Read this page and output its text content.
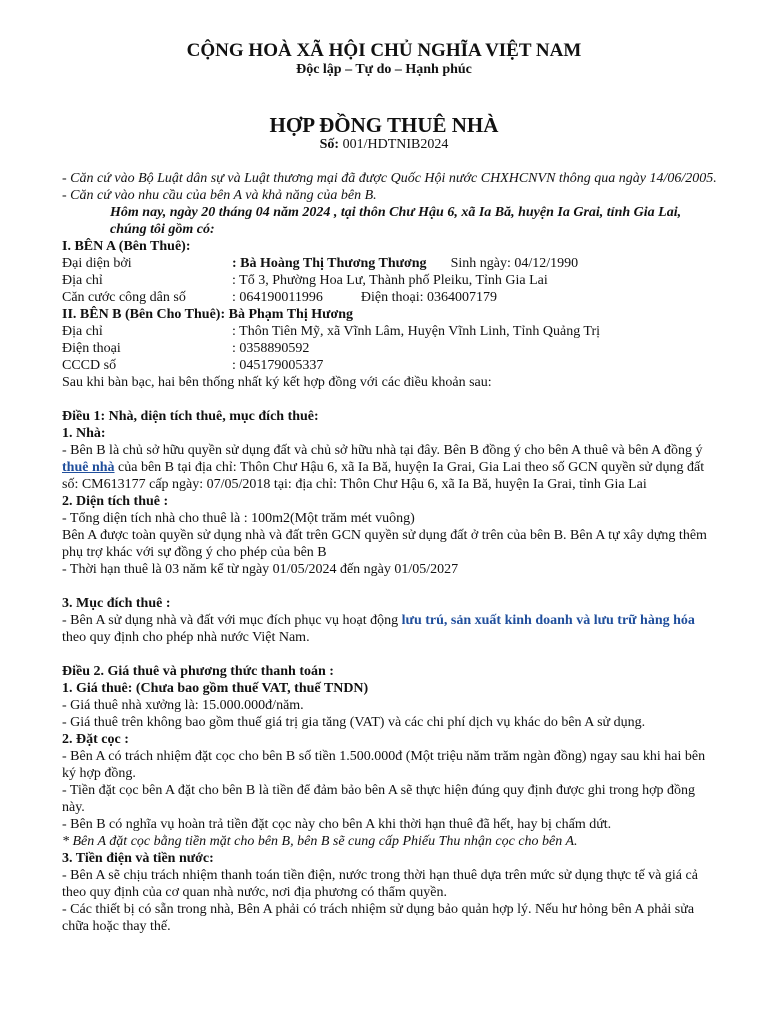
CỘNG HOÀ XÃ HỘI CHỦ NGHĨA VIỆT NAM
Độc lập – Tự do – Hạnh phúc
HỢP ĐỒNG THUÊ NHÀ
Số: 001/HDTNIB2024

- Căn cứ vào Bộ Luật dân sự và Luật thương mại đã được Quốc Hội nước CHXHCNVN thông qua ngày 14/06/2005.

- Căn cứ vào nhu cầu của bên A và khả năng của bên B.

Hôm nay, ngày 20 tháng 04 năm 2024 , tại thôn Chư Hậu 6, xã Ia Bă, huyện Ia Grai, tỉnh Gia Lai, chúng tôi gồm có:

I. BÊN A (Bên Thuê):

Đại diện bởi	: Bà Hoàng Thị Thương Thương Sinh ngày: 04/12/1990
Địa chỉ	: Tổ 3, Phường Hoa Lư, Thành phố Pleiku, Tỉnh Gia Lai
Căn cước công dân số	: 064190011996	Điện thoại: 0364007179

II. BÊN B (Bên Cho Thuê): Bà Phạm Thị Hương

Địa chỉ	: Thôn Tiên Mỹ, xã Vĩnh Lâm, Huyện Vĩnh Linh, Tỉnh Quảng Trị
Điện thoại	: 0358890592
CCCD số	: 045179005337

Sau khi bàn bạc, hai bên thống nhất ký kết hợp đồng với các điều khoản sau:

Điều 1: Nhà, diện tích thuê, mục đích thuê:

1. Nhà:

- Bên B là chủ sở hữu quyền sử dụng đất và chủ sở hữu nhà tại đây. Bên B đồng ý cho bên A thuê và bên A đồng ý thuê nhà của bên B tại địa chỉ: Thôn Chư Hậu 6, xã Ia Bă, huyện Ia Grai, Gia Lai theo số GCN quyền sử dụng đất số: CM613177 cấp ngày: 07/05/2018 tại: địa chỉ: Thôn Chư Hậu 6, xã Ia Bă, huyện Ia Grai, tỉnh Gia Lai

2. Diện tích thuê :

- Tổng diện tích nhà cho thuê là : 100m2(Một trăm mét vuông)

Bên A được toàn quyền sử dụng nhà và đất trên GCN quyền sử dụng đất ở trên của bên B. Bên A tự xây dựng thêm phụ trợ khác với sự đồng ý cho phép của bên B

- Thời hạn thuê là 03 năm kể từ ngày 01/05/2024 đến ngày 01/05/2027

3. Mục đích thuê :

- Bên A sử dụng nhà và đất với mục đích phục vụ hoạt động lưu trú, sản xuất kinh doanh và lưu trữ hàng hóa theo quy định cho phép nhà nước Việt Nam.

Điều 2. Giá thuê và phương thức thanh toán :

1. Giá thuê: (Chưa bao gồm thuế VAT, thuế TNDN)

- Giá thuê nhà xưởng là: 15.000.000đ/năm.

- Giá thuê trên không bao gồm thuế giá trị gia tăng (VAT) và các chi phí dịch vụ khác do bên A sử dụng.

2. Đặt cọc :

- Bên A có trách nhiệm đặt cọc cho bên B số tiền 1.500.000đ (Một triệu năm trăm ngàn đồng) ngay sau khi hai bên ký hợp đồng.

- Tiền đặt cọc bên A đặt cho bên B là tiền để đảm bảo bên A sẽ thực hiện đúng quy định được ghi trong hợp đồng này.

- Bên B có nghĩa vụ hoàn trả tiền đặt cọc này cho bên A khi thời hạn thuê đã hết, hay bị chấm dứt.

* Bên A đặt cọc bằng tiền mặt cho bên B, bên B sẽ cung cấp Phiếu Thu nhận cọc cho bên A.

3. Tiền điện và tiền nước:

- Bên A sẽ chịu trách nhiệm thanh toán tiền điện, nước trong thời hạn thuê dựa trên mức sử dụng thực tế và giá cả theo quy định của cơ quan nhà nước, nơi địa phương có thẩm quyền.

- Các thiết bị có sẵn trong nhà, Bên A phải có trách nhiệm sử dụng bảo quản hợp lý. Nếu hư hỏng bên A phải sửa chữa hoặc thay thế.
